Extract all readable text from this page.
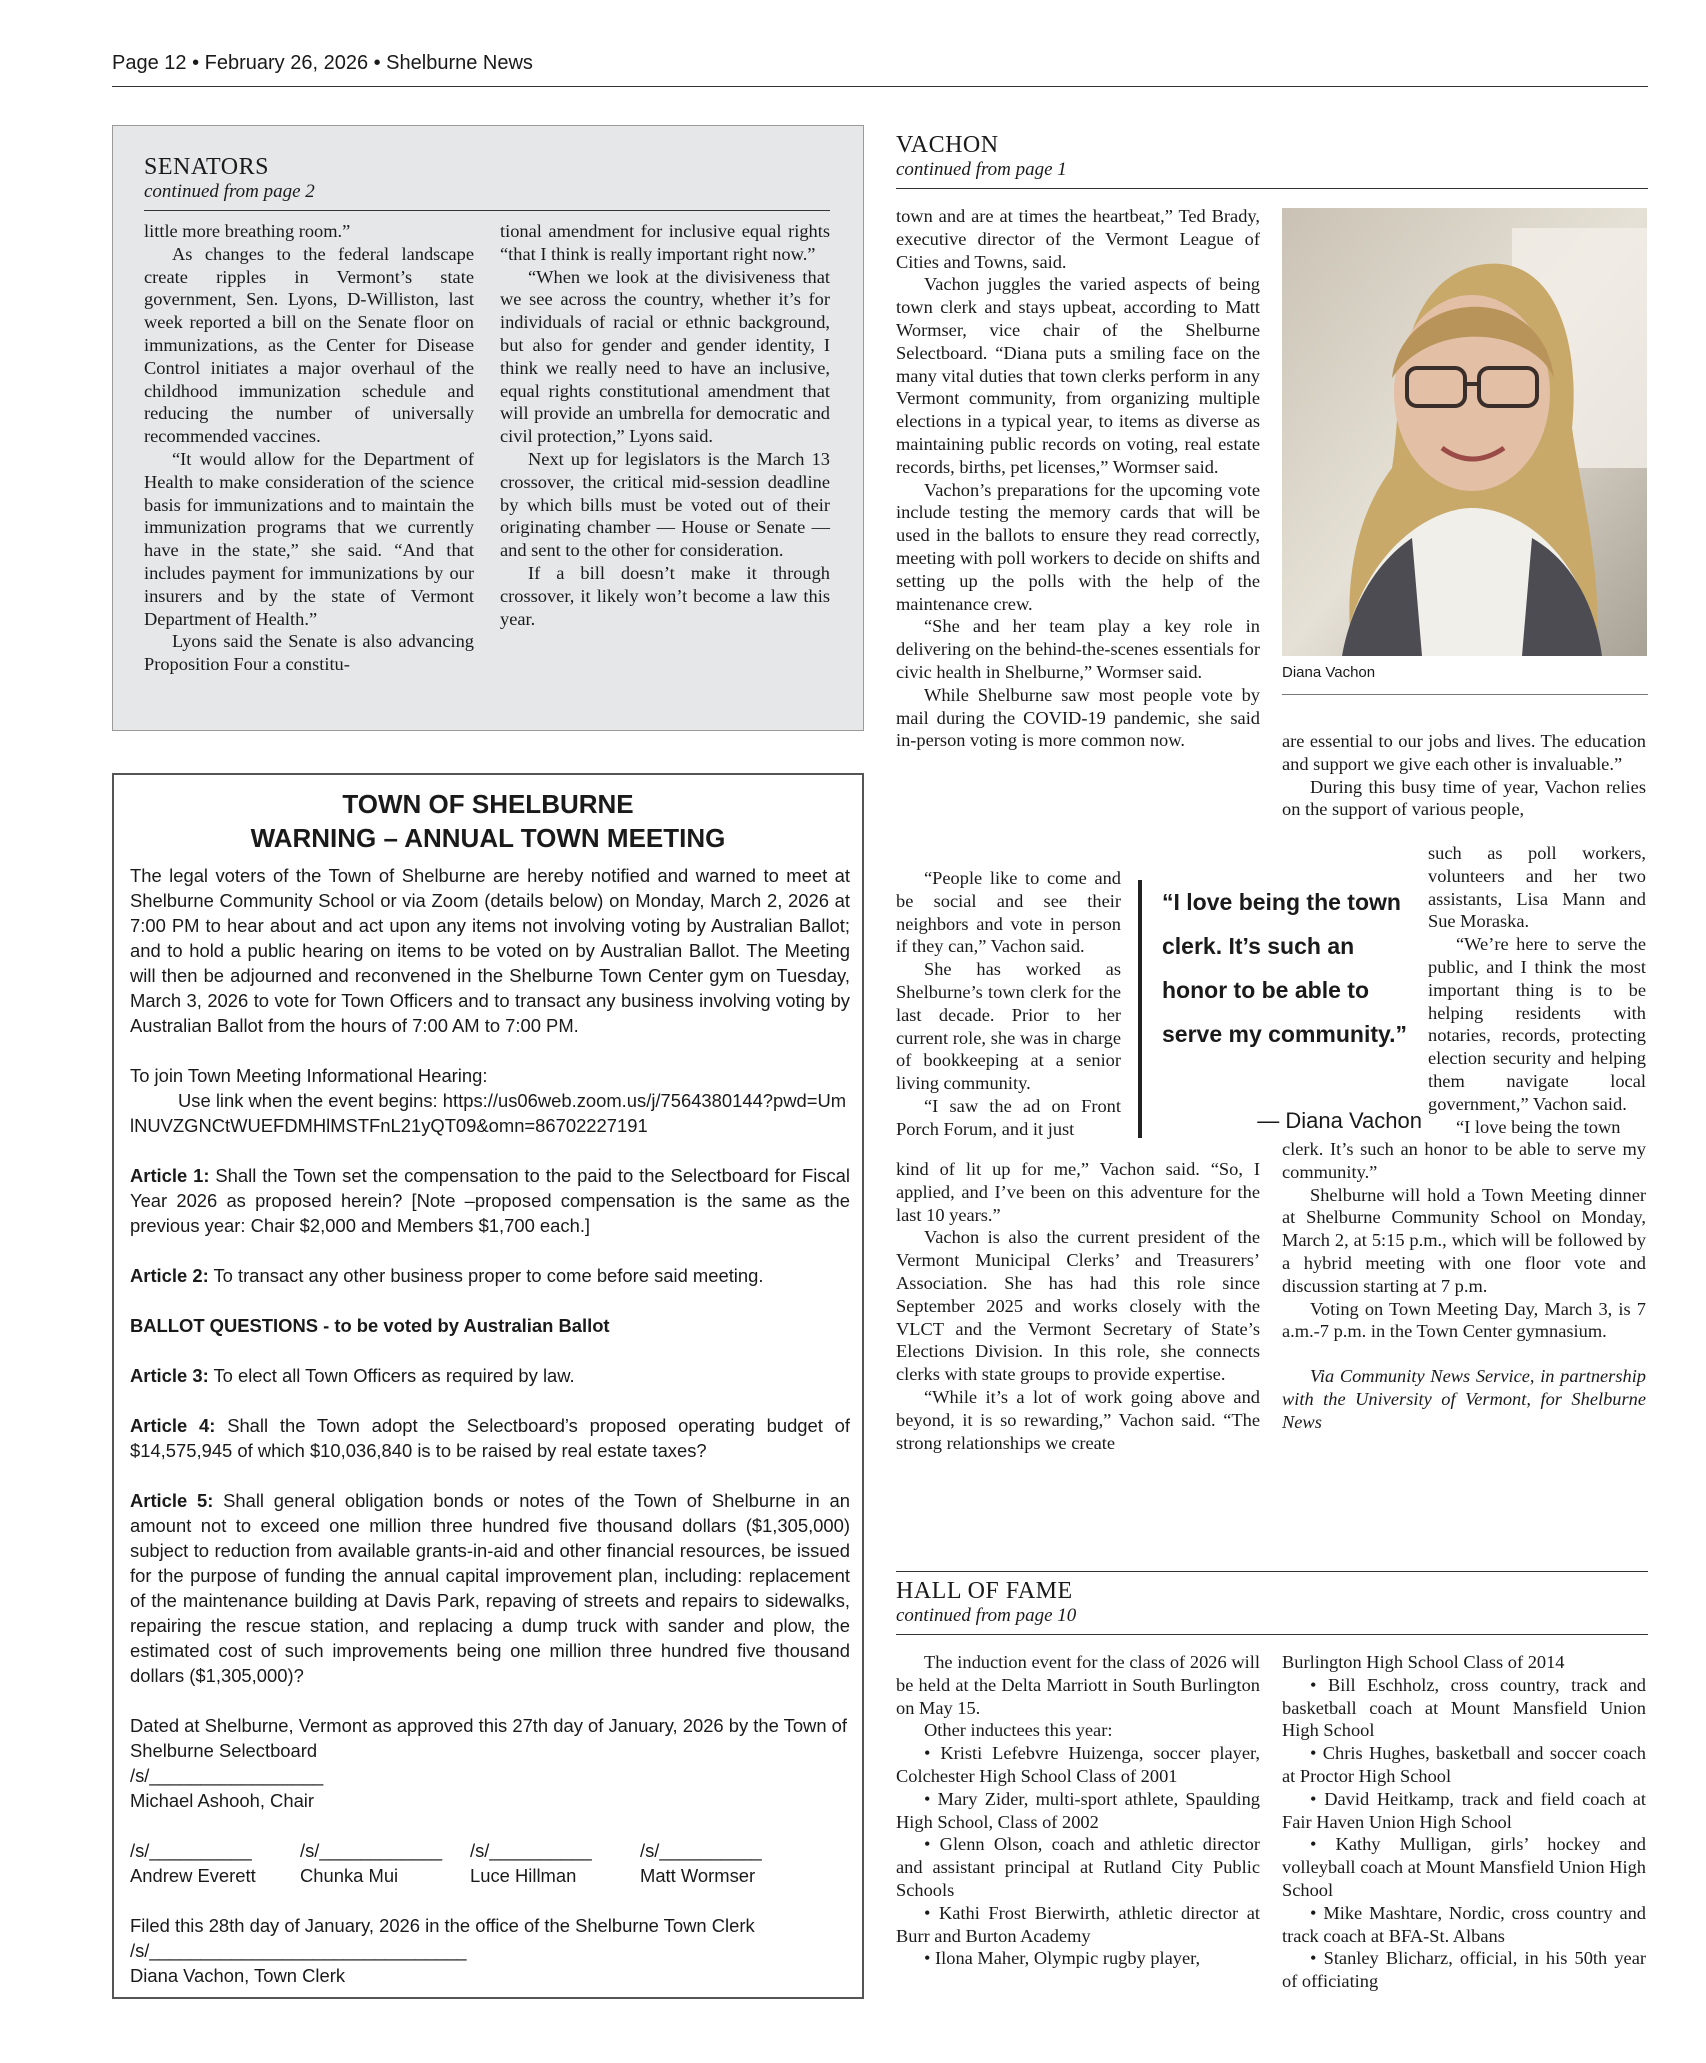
Page 12 • February 26, 2026 • Shelburne News
SENATORS
continued from page 2

little more breathing room.”

As changes to the federal landscape create ripples in Vermont’s state government, Sen. Lyons, D-Williston, last week reported a bill on the Senate floor on immunizations, as the Center for Disease Control initiates a major overhaul of the childhood immunization schedule and reducing the number of universally recommended vaccines.

“It would allow for the Department of Health to make consideration of the science basis for immunizations and to maintain the immunization programs that we currently have in the state,” she said. “And that includes payment for immunizations by our insurers and by the state of Vermont Department of Health.”

Lyons said the Senate is also advancing Proposition Four a constitu-

tional amendment for inclusive equal rights “that I think is really important right now.”

“When we look at the divisiveness that we see across the country, whether it’s for individuals of racial or ethnic background, but also for gender and gender identity, I think we really need to have an inclusive, equal rights constitutional amendment that will provide an umbrella for democratic and civil protection,” Lyons said.

Next up for legislators is the March 13 crossover, the critical mid-session deadline by which bills must be voted out of their originating chamber — House or Senate — and sent to the other for consideration.

If a bill doesn’t make it through crossover, it likely won’t become a law this year.

TOWN OF SHELBURNE
WARNING – ANNUAL TOWN MEETING

The legal voters of the Town of Shelburne are hereby notified and warned to meet at Shelburne Community School or via Zoom (details below) on Monday, March 2, 2026 at 7:00 PM to hear about and act upon any items not involving voting by Australian Ballot; and to hold a public hearing on items to be voted on by Australian Ballot. The Meeting will then be adjourned and reconvened in the Shelburne Town Center gym on Tuesday, March 3, 2026 to vote for Town Officers and to transact any business involving voting by Australian Ballot from the hours of 7:00 AM to 7:00 PM.

To join Town Meeting Informational Hearing:
Use link when the event begins: https://us06web.zoom.us/j/7564380144?pwd=UmlNUVZGNCtWUEFDMHlMSTFnL21yQT09&omn=86702227191

Article 1: Shall the Town set the compensation to the paid to the Selectboard for Fiscal Year 2026 as proposed herein? [Note –proposed compensation is the same as the previous year: Chair $2,000 and Members $1,700 each.]

Article 2: To transact any other business proper to come before said meeting.

BALLOT QUESTIONS - to be voted by Australian Ballot

Article 3: To elect all Town Officers as required by law.

Article 4: Shall the Town adopt the Selectboard’s proposed operating budget of $14,575,945 of which $10,036,840 is to be raised by real estate taxes?

Article 5: Shall general obligation bonds or notes of the Town of Shelburne in an amount not to exceed one million three hundred five thousand dollars ($1,305,000) subject to reduction from available grants-in-aid and other financial resources, be issued for the purpose of funding the annual capital improvement plan, including: replacement of the maintenance building at Davis Park, repaving of streets and repairs to sidewalks, repairing the rescue station, and replacing a dump truck with sander and plow, the estimated cost of such improvements being one million three hundred five thousand dollars ($1,305,000)?

Dated at Shelburne, Vermont as approved this 27th day of January, 2026 by the Town of Shelburne Selectboard
/s/_________________
Michael Ashooh, Chair

/s/__________	/s/____________	/s/__________	/s/__________
Andrew Everett	Chunka Mui	Luce Hillman	Matt Wormser
Filed this 28th day of January, 2026 in the office of the Shelburne Town Clerk
/s/_______________________________
Diana Vachon, Town Clerk
VACHON
continued from page 1

town and are at times the heartbeat,” Ted Brady, executive director of the Vermont League of Cities and Towns, said.

Vachon juggles the varied aspects of being town clerk and stays upbeat, according to Matt Wormser, vice chair of the Shelburne Selectboard. “Diana puts a smiling face on the many vital duties that town clerks perform in any Vermont community, from organizing multiple elections in a typical year, to items as diverse as maintaining public records on voting, real estate records, births, pet licenses,” Wormser said.

Vachon’s preparations for the upcoming vote include testing the memory cards that will be used in the ballots to ensure they read correctly, meeting with poll workers to decide on shifts and setting up the polls with the help of the maintenance crew.

“She and her team play a key role in delivering on the behind-the-scenes essentials for civic health in Shelburne,” Wormser said.

While Shelburne saw most people vote by mail during the COVID-19 pandemic, she said in-person voting is more common now.

“People like to come and be social and see their neighbors and vote in person if they can,” Vachon said.

She has worked as Shelburne’s town clerk for the last decade. Prior to her current role, she was in charge of bookkeeping at a senior living community.

“I saw the ad on Front Porch Forum, and it just

kind of lit up for me,” Vachon said. “So, I applied, and I’ve been on this adventure for the last 10 years.”

Vachon is also the current president of the Vermont Municipal Clerks’ and Treasurers’ Association. She has had this role since September 2025 and works closely with the VLCT and the Vermont Secretary of State’s Elections Division. In this role, she connects clerks with state groups to provide expertise.

“While it’s a lot of work going above and beyond, it is so rewarding,” Vachon said. “The strong relationships we create

Diana Vachon

are essential to our jobs and lives. The education and support we give each other is invaluable.”

During this busy time of year, Vachon relies on the support of various people,

such as poll workers, volunteers and her two assistants, Lisa Mann and Sue Moraska.

“We’re here to serve the public, and I think the most important thing is to be helping residents with notaries, records, protecting election security and helping them navigate local government,” Vachon said.

“I love being the town

clerk. It’s such an honor to be able to serve my community.”

Shelburne will hold a Town Meeting dinner at Shelburne Community School on Monday, March 2, at 5:15 p.m., which will be followed by a hybrid meeting with one floor vote and discussion starting at 7 p.m.

Voting on Town Meeting Day, March 3, is 7 a.m.-7 p.m. in the Town Center gymnasium.

Via Community News Service, in partnership with the University of Vermont, for Shelburne News

“I love being the town clerk. It’s such an honor to be able to serve my community.”
— Diana Vachon
HALL OF FAME
continued from page 10

The induction event for the class of 2026 will be held at the Delta Marriott in South Burlington on May 15.

Other inductees this year:

• Kristi Lefebvre Huizenga, soccer player, Colchester High School Class of 2001

• Mary Zider, multi-sport athlete, Spaulding High School, Class of 2002

• Glenn Olson, coach and athletic director and assistant principal at Rutland City Public Schools

• Kathi Frost Bierwirth, athletic director at Burr and Burton Academy

• Ilona Maher, Olympic rugby player,

Burlington High School Class of 2014

• Bill Eschholz, cross country, track and basketball coach at Mount Mansfield Union High School

• Chris Hughes, basketball and soccer coach at Proctor High School

• David Heitkamp, track and field coach at Fair Haven Union High School

• Kathy Mulligan, girls’ hockey and volleyball coach at Mount Mansfield Union High School

• Mike Mashtare, Nordic, cross country and track coach at BFA-St. Albans

• Stanley Blicharz, official, in his 50th year of officiating
